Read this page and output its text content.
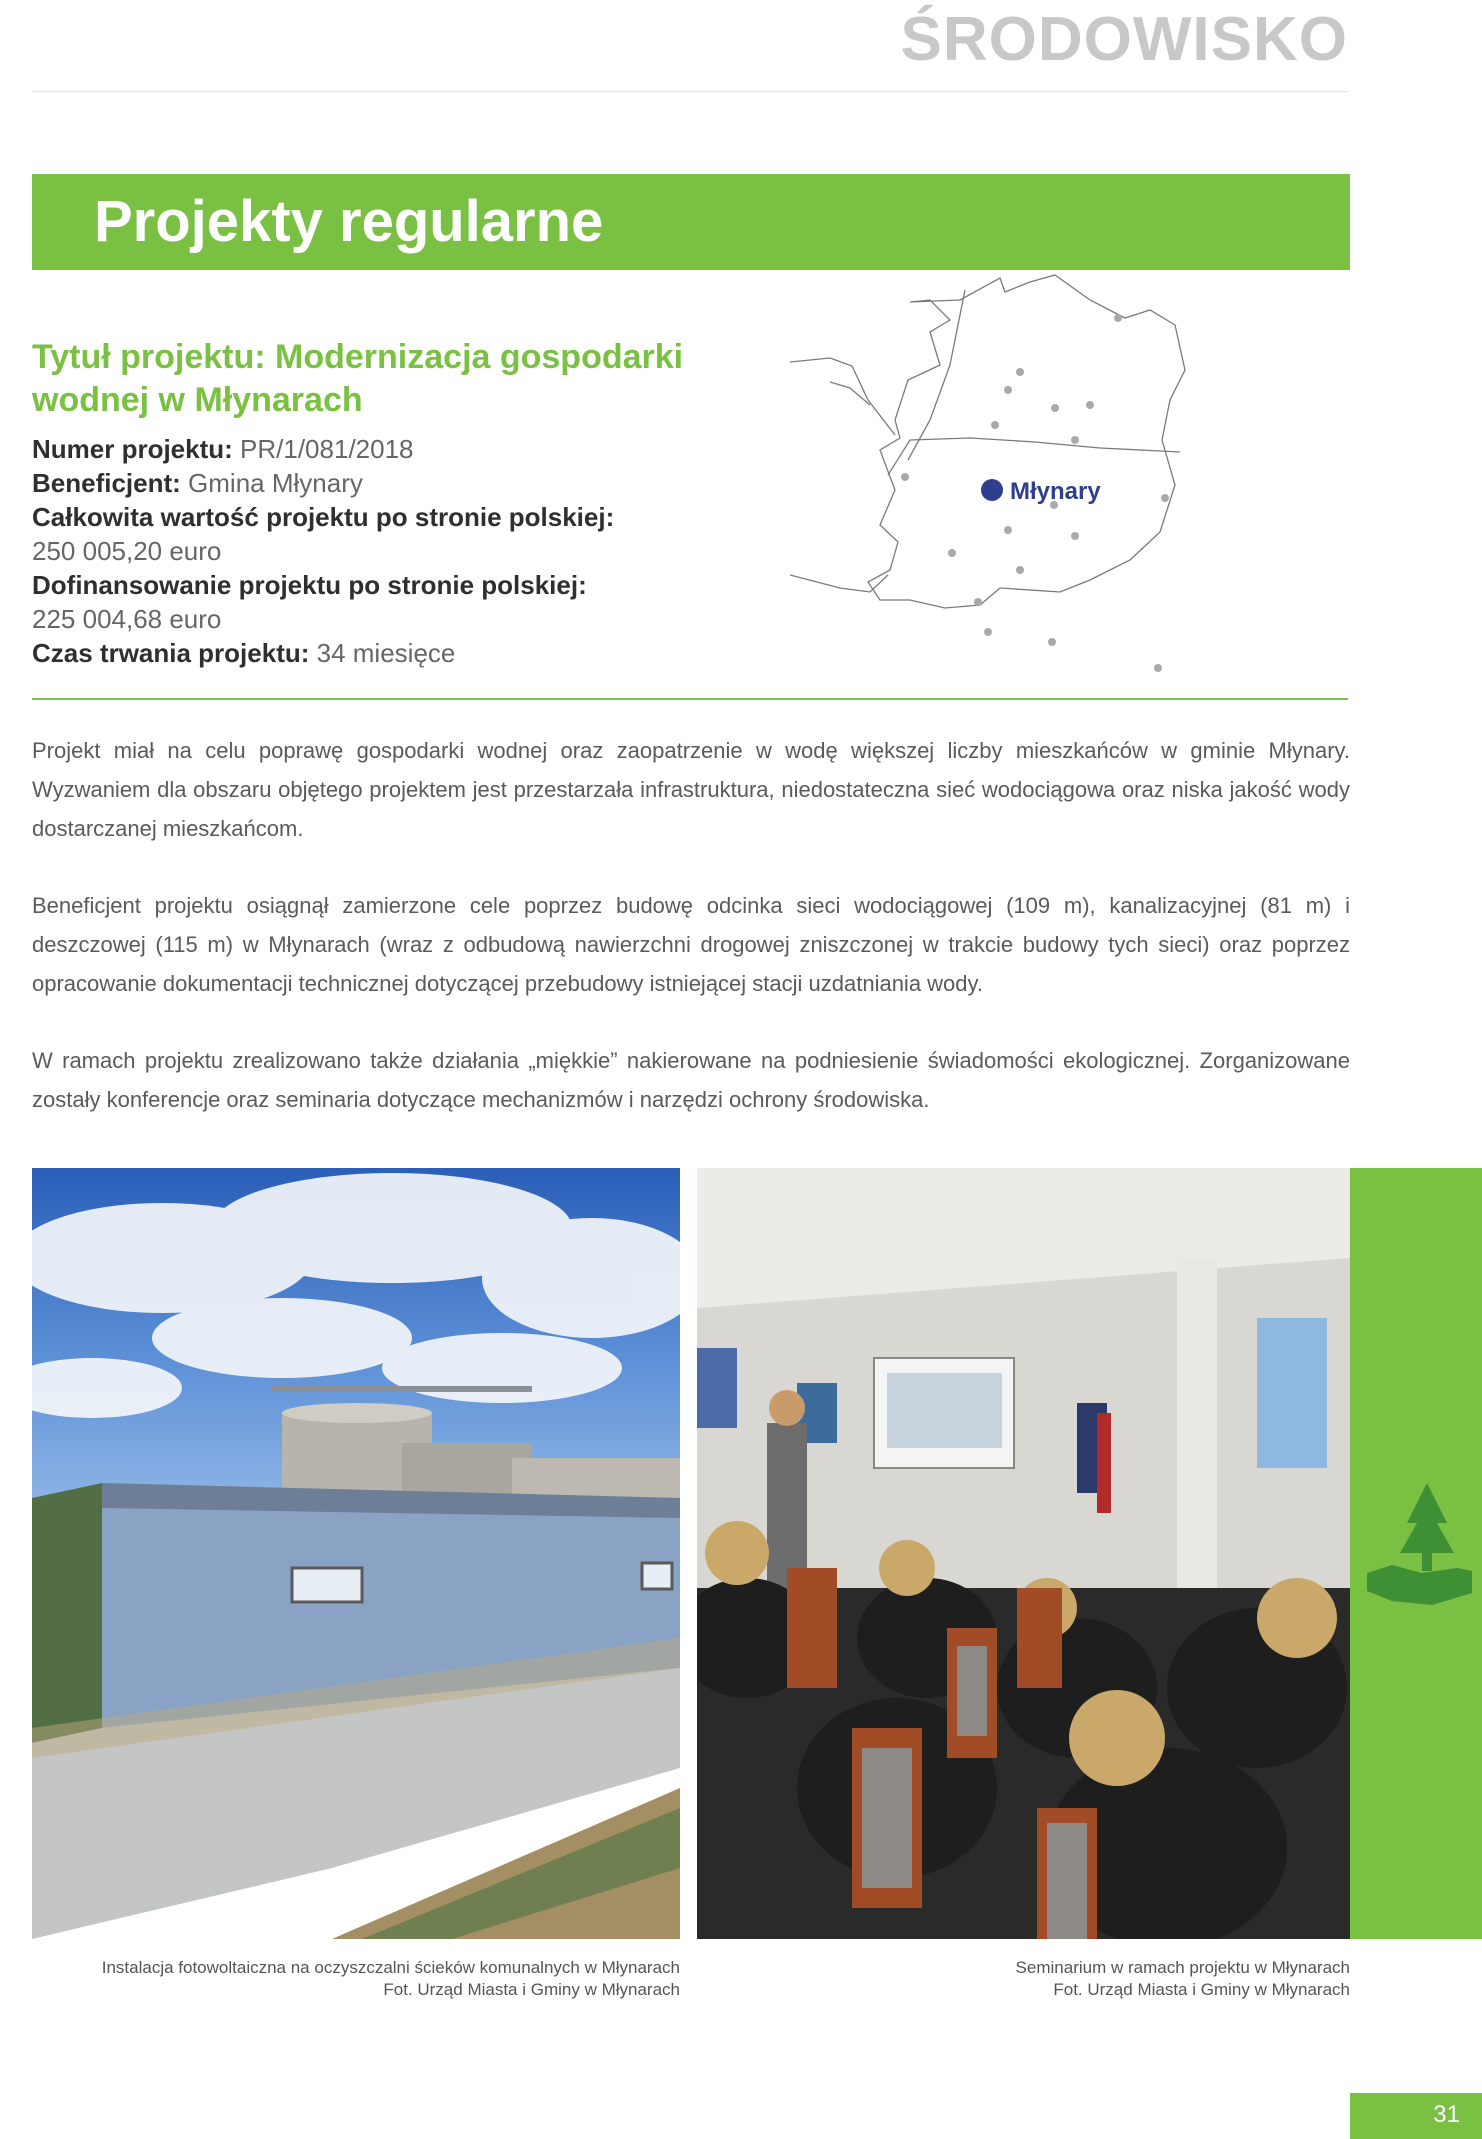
ŚRODOWISKO
Projekty regularne
Tytuł projektu: Modernizacja gospodarki wodnej w Młynarach
Numer projektu: PR/1/081/2018
Beneficjent: Gmina Młynary
Całkowita wartość projektu po stronie polskiej:
250 005,20 euro
Dofinansowanie projektu po stronie polskiej:
225 004,68 euro
Czas trwania projektu: 34 miesięce
Młynary

Projekt miał na celu poprawę gospodarki wodnej oraz zaopatrzenie w wodę większej liczby mieszkańców w gminie Młynary. Wyzwaniem dla obszaru objętego projektem jest przestarzała infrastruktura, niedostateczna sieć wodociągowa oraz niska jakość wody dostarczanej mieszkańcom.

Beneficjent projektu osiągnął zamierzone cele poprzez budowę odcinka sieci wodociągowej (109 m), kanalizacyjnej (81 m) i deszczowej (115 m) w Młynarach (wraz z odbudową nawierzchni drogowej zniszczonej w trakcie budowy tych sieci) oraz poprzez opracowanie dokumentacji technicznej dotyczącej przebudowy istniejącej stacji uzdatniania wody.

W ramach projektu zrealizowano także działania „miękkie” nakierowane na podniesienie świadomości ekologicznej. Zorganizowane zostały konferencje oraz seminaria dotyczące mechanizmów i narzędzi ochrony środowiska.

Instalacja fotowoltaiczna na oczyszczalni ścieków komunalnych w Młynarach
Fot. Urząd Miasta i Gminy w Młynarach
Seminarium w ramach projektu w Młynarach
Fot. Urząd Miasta i Gminy w Młynarach
31
